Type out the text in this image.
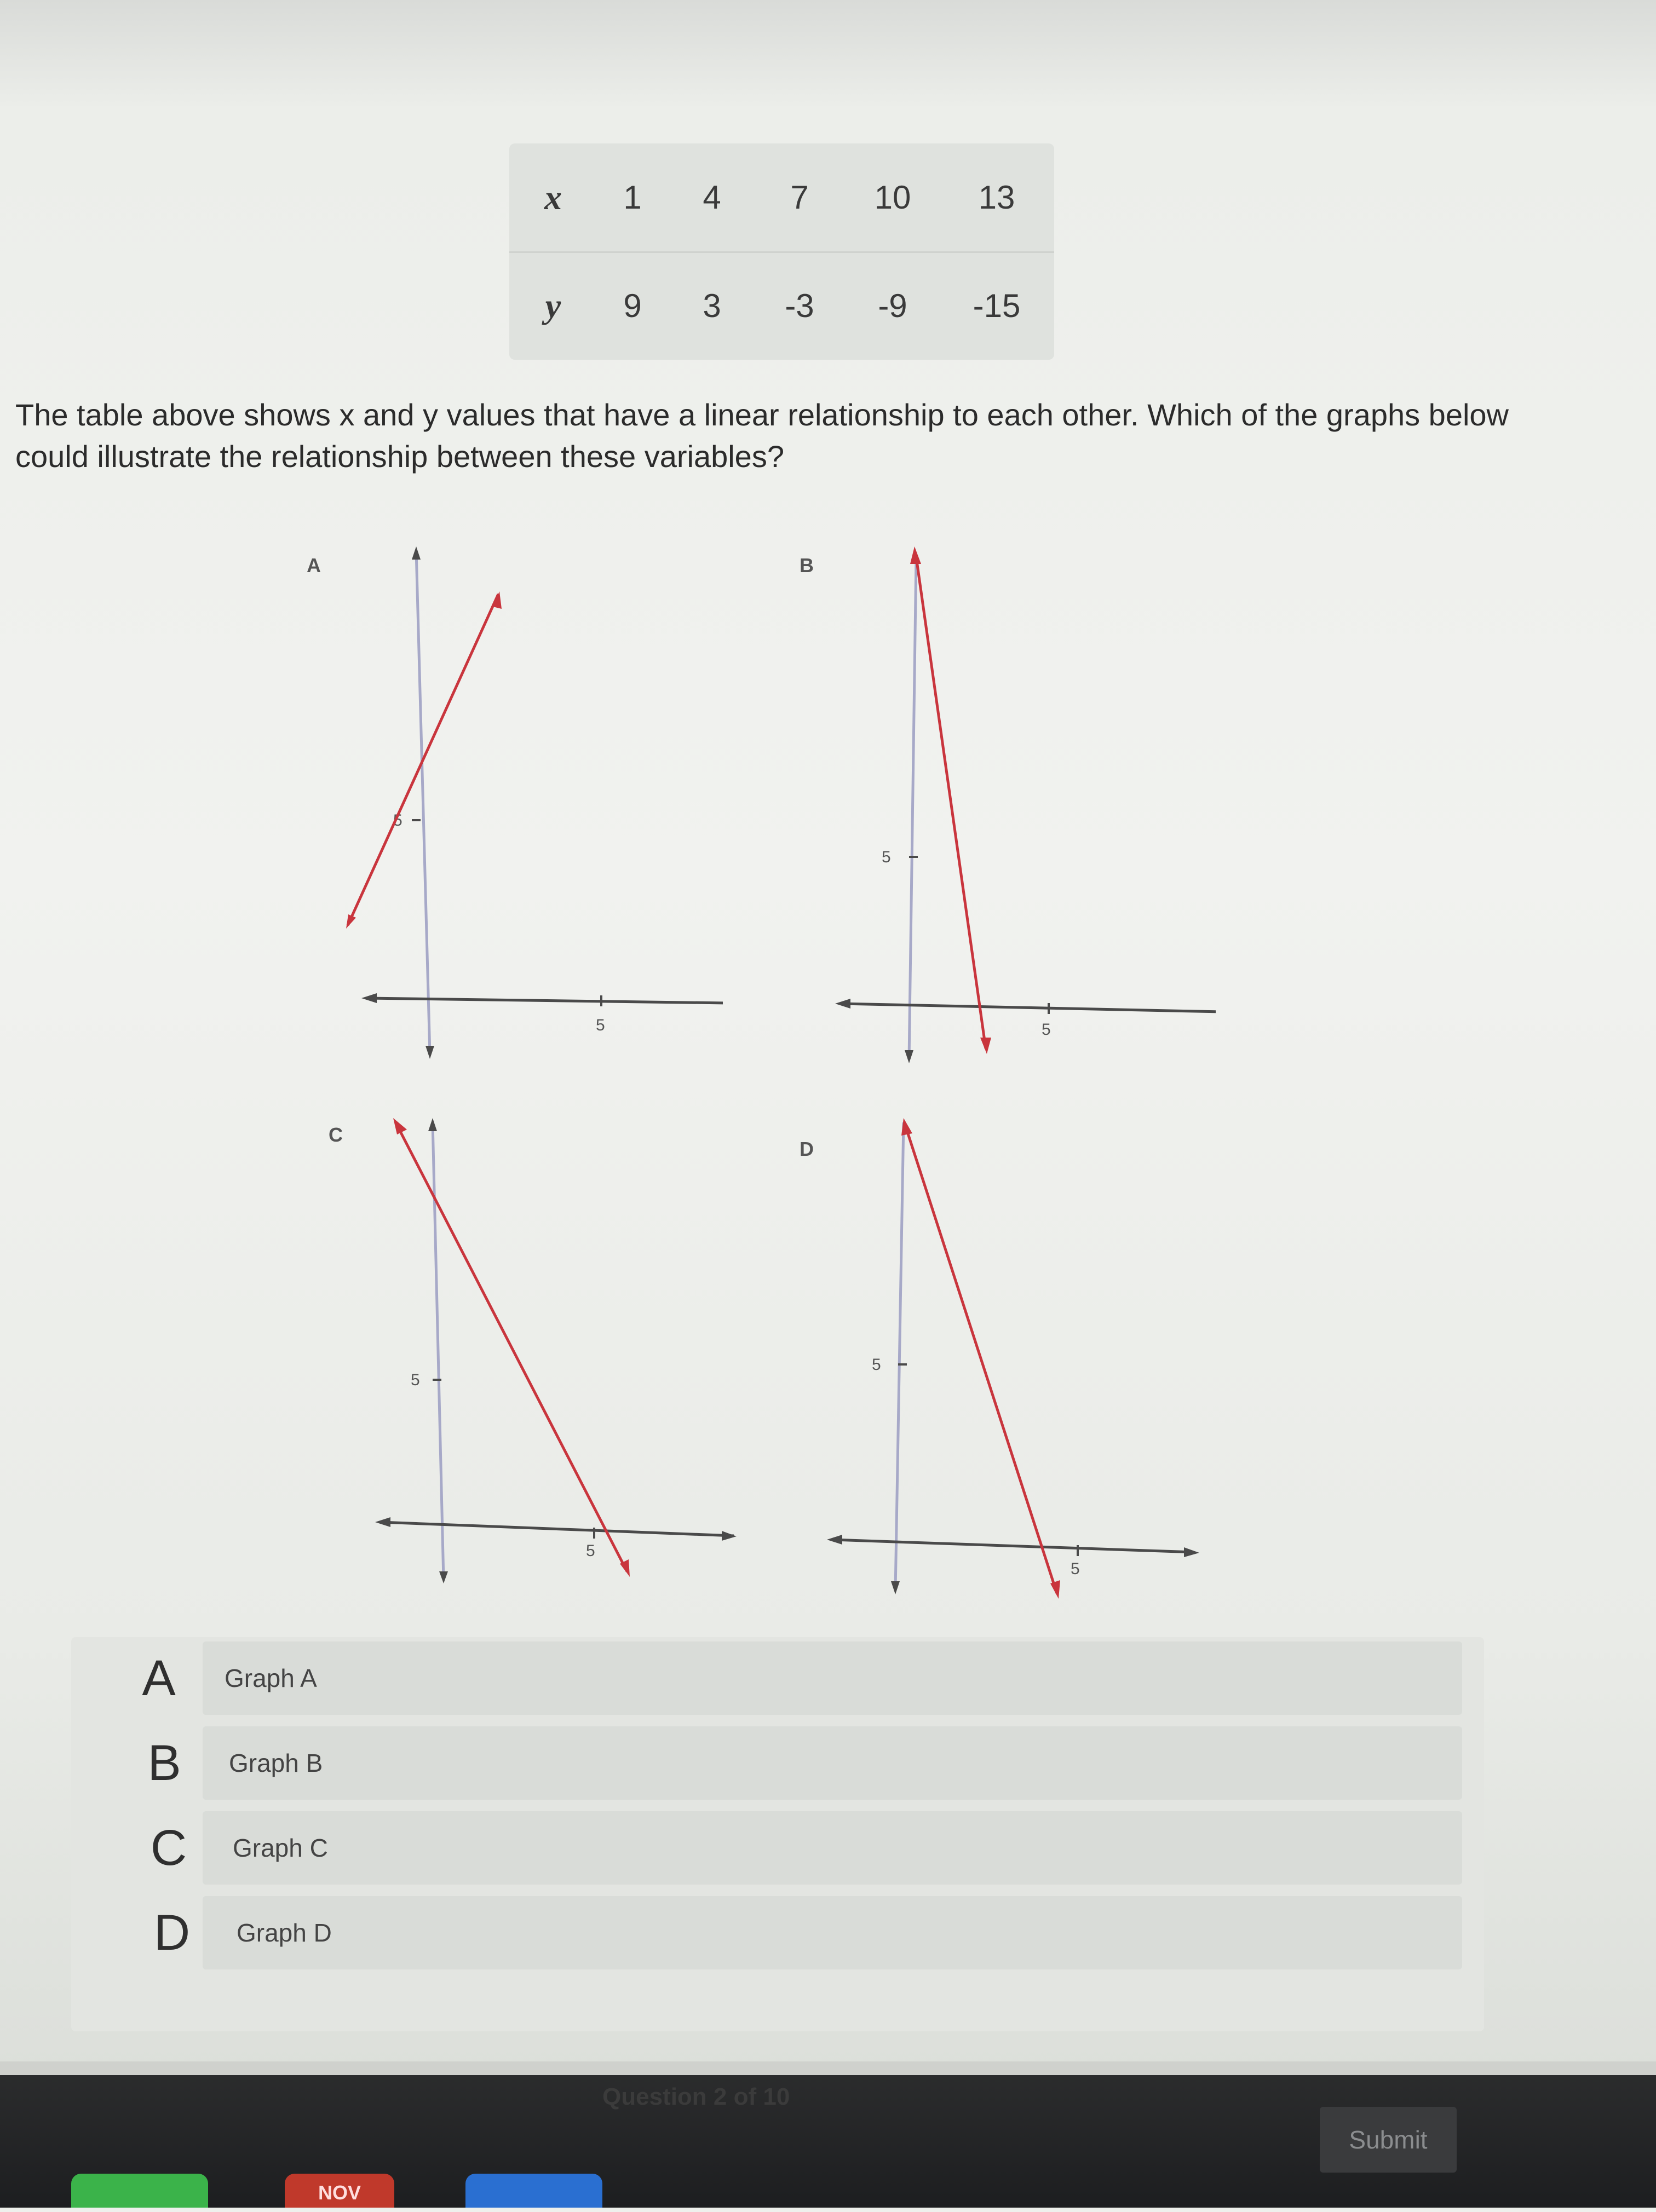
x	1	4	7	10	13
y	9	3	-3	-9	-15
The table above shows x and y values that have a linear relationship to each other. Which of the graphs below could illustrate the relationship between these variables?
A
5
5
B
5
5
C
5
5
D
5
5
A	Graph A
B	Graph B
C	Graph C
D	Graph D
Question 2 of 10
Submit
NOV
